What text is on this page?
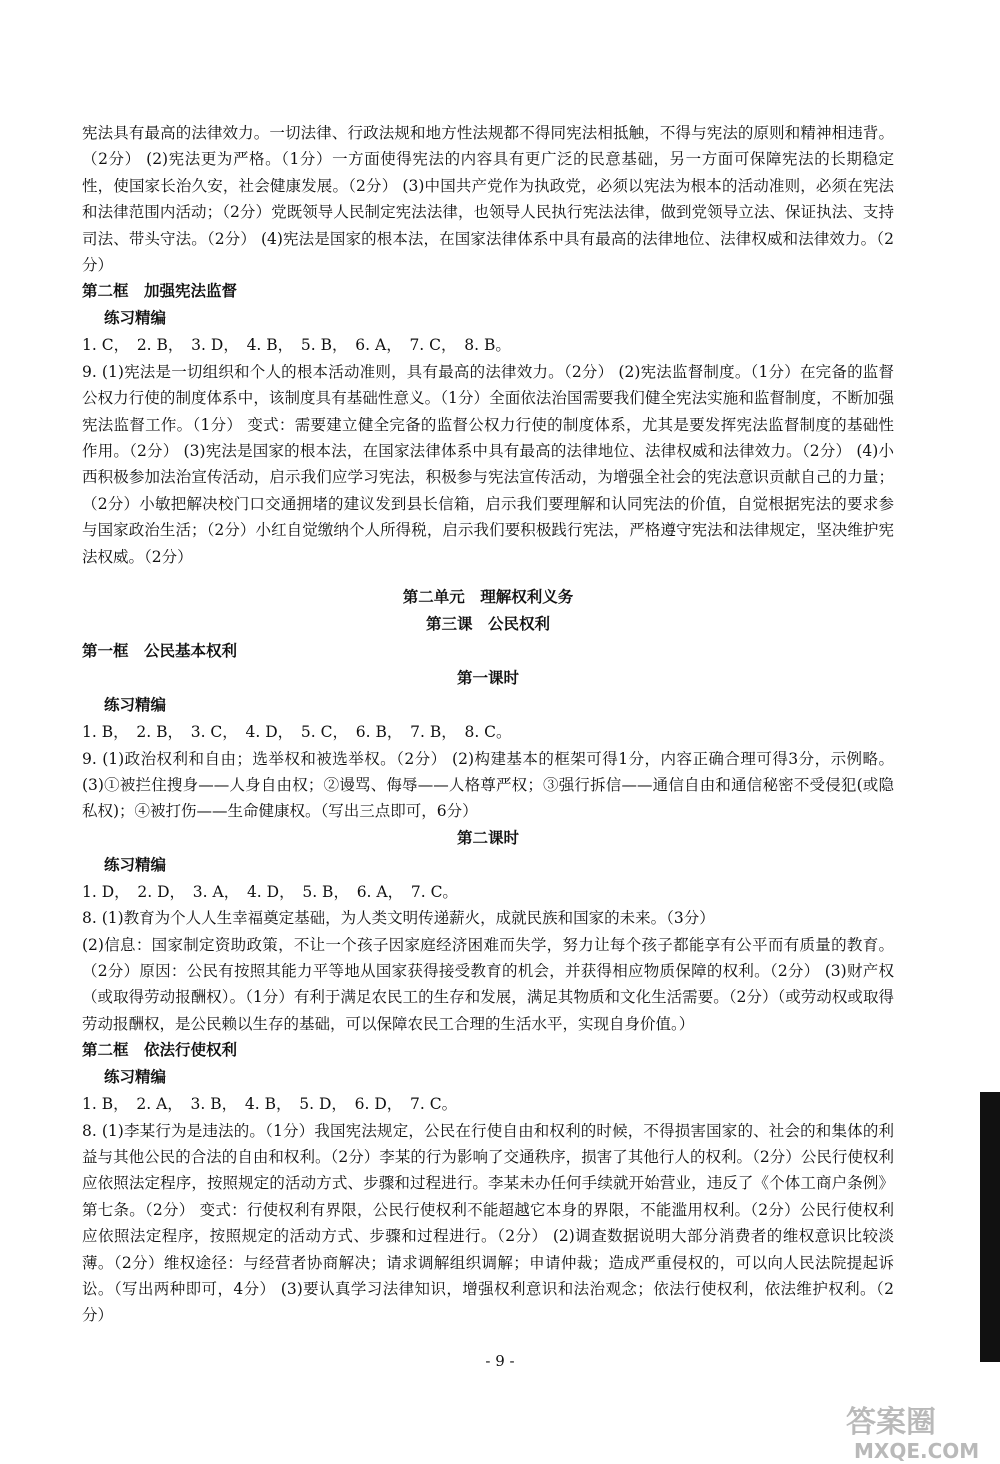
宪法具有最高的法律效力。一切法律、行政法规和地方性法规都不得同宪法相抵触，不得与宪法的原则和精神相违背。（2分） (2)宪法更为严格。（1分）一方面使得宪法的内容具有更广泛的民意基础，另一方面可保障宪法的长期稳定性，使国家长治久安，社会健康发展。（2分） (3)中国共产党作为执政党，必须以宪法为根本的活动准则，必须在宪法和法律范围内活动；（2分）党既领导人民制定宪法法律，也领导人民执行宪法法律，做到党领导立法、保证执法、支持司法、带头守法。（2分） (4)宪法是国家的根本法，在国家法律体系中具有最高的法律地位、法律权威和法律效力。（2分）

第二框　加强宪法监督
练习精编
1. C，　2. B，　3. D，　4. B，　5. B，　6. A，　7. C，　8. B。

9. (1)宪法是一切组织和个人的根本活动准则，具有最高的法律效力。（2分） (2)宪法监督制度。（1分）在完备的监督公权力行使的制度体系中，该制度具有基础性意义。（1分）全面依法治国需要我们健全宪法实施和监督制度，不断加强宪法监督工作。（1分） 变式：需要建立健全完备的监督公权力行使的制度体系，尤其是要发挥宪法监督制度的基础性作用。（2分） (3)宪法是国家的根本法，在国家法律体系中具有最高的法律地位、法律权威和法律效力。（2分） (4)小西积极参加法治宣传活动，启示我们应学习宪法，积极参与宪法宣传活动，为增强全社会的宪法意识贡献自己的力量；（2分）小敏把解决校门口交通拥堵的建议发到县长信箱，启示我们要理解和认同宪法的价值，自觉根据宪法的要求参与国家政治生活；（2分）小红自觉缴纳个人所得税，启示我们要积极践行宪法，严格遵守宪法和法律规定，坚决维护宪法权威。（2分）

第二单元　理解权利义务
第三课　公民权利
第一框　公民基本权利
第一课时
练习精编
1. B，　2. B，　3. C，　4. D，　5. C，　6. B，　7. B，　8. C。

9. (1)政治权利和自由；选举权和被选举权。（2分） (2)构建基本的框架可得1分，内容正确合理可得3分，示例略。 (3)①被拦住搜身——人身自由权；②谩骂、侮辱——人格尊严权；③强行拆信——通信自由和通信秘密不受侵犯(或隐私权)；④被打伤——生命健康权。（写出三点即可，6分）

第二课时
练习精编
1. D，　2. D，　3. A，　4. D，　5. B，　6. A，　7. C。

8. (1)教育为个人人生幸福奠定基础，为人类文明传递薪火，成就民族和国家的未来。（3分）

(2)信息：国家制定资助政策，不让一个孩子因家庭经济困难而失学，努力让每个孩子都能享有公平而有质量的教育。（2分）原因：公民有按照其能力平等地从国家获得接受教育的机会，并获得相应物质保障的权利。（2分） (3)财产权（或取得劳动报酬权）。（1分）有利于满足农民工的生存和发展，满足其物质和文化生活需要。（2分）（或劳动权或取得劳动报酬权，是公民赖以生存的基础，可以保障农民工合理的生活水平，实现自身价值。）

第二框　依法行使权利
练习精编
1. B，　2. A，　3. B，　4. B，　5. D，　6. D，　7. C。

8. (1)李某行为是违法的。（1分）我国宪法规定，公民在行使自由和权利的时候，不得损害国家的、社会的和集体的利益与其他公民的合法的自由和权利。（2分）李某的行为影响了交通秩序，损害了其他行人的权利。（2分）公民行使权利应依照法定程序，按照规定的活动方式、步骤和过程进行。李某未办任何手续就开始营业，违反了《个体工商户条例》第七条。（2分） 变式：行使权利有界限，公民行使权利不能超越它本身的界限，不能滥用权利。（2分）公民行使权利应依照法定程序，按照规定的活动方式、步骤和过程进行。（2分） (2)调查数据说明大部分消费者的维权意识比较淡薄。（2分）维权途径：与经营者协商解决；请求调解组织调解；申请仲裁；造成严重侵权的，可以向人民法院提起诉讼。（写出两种即可，4分） (3)要认真学习法律知识，增强权利意识和法治观念；依法行使权利，依法维护权利。（2分）

- 9 -
答案圈
MXQE.COM
